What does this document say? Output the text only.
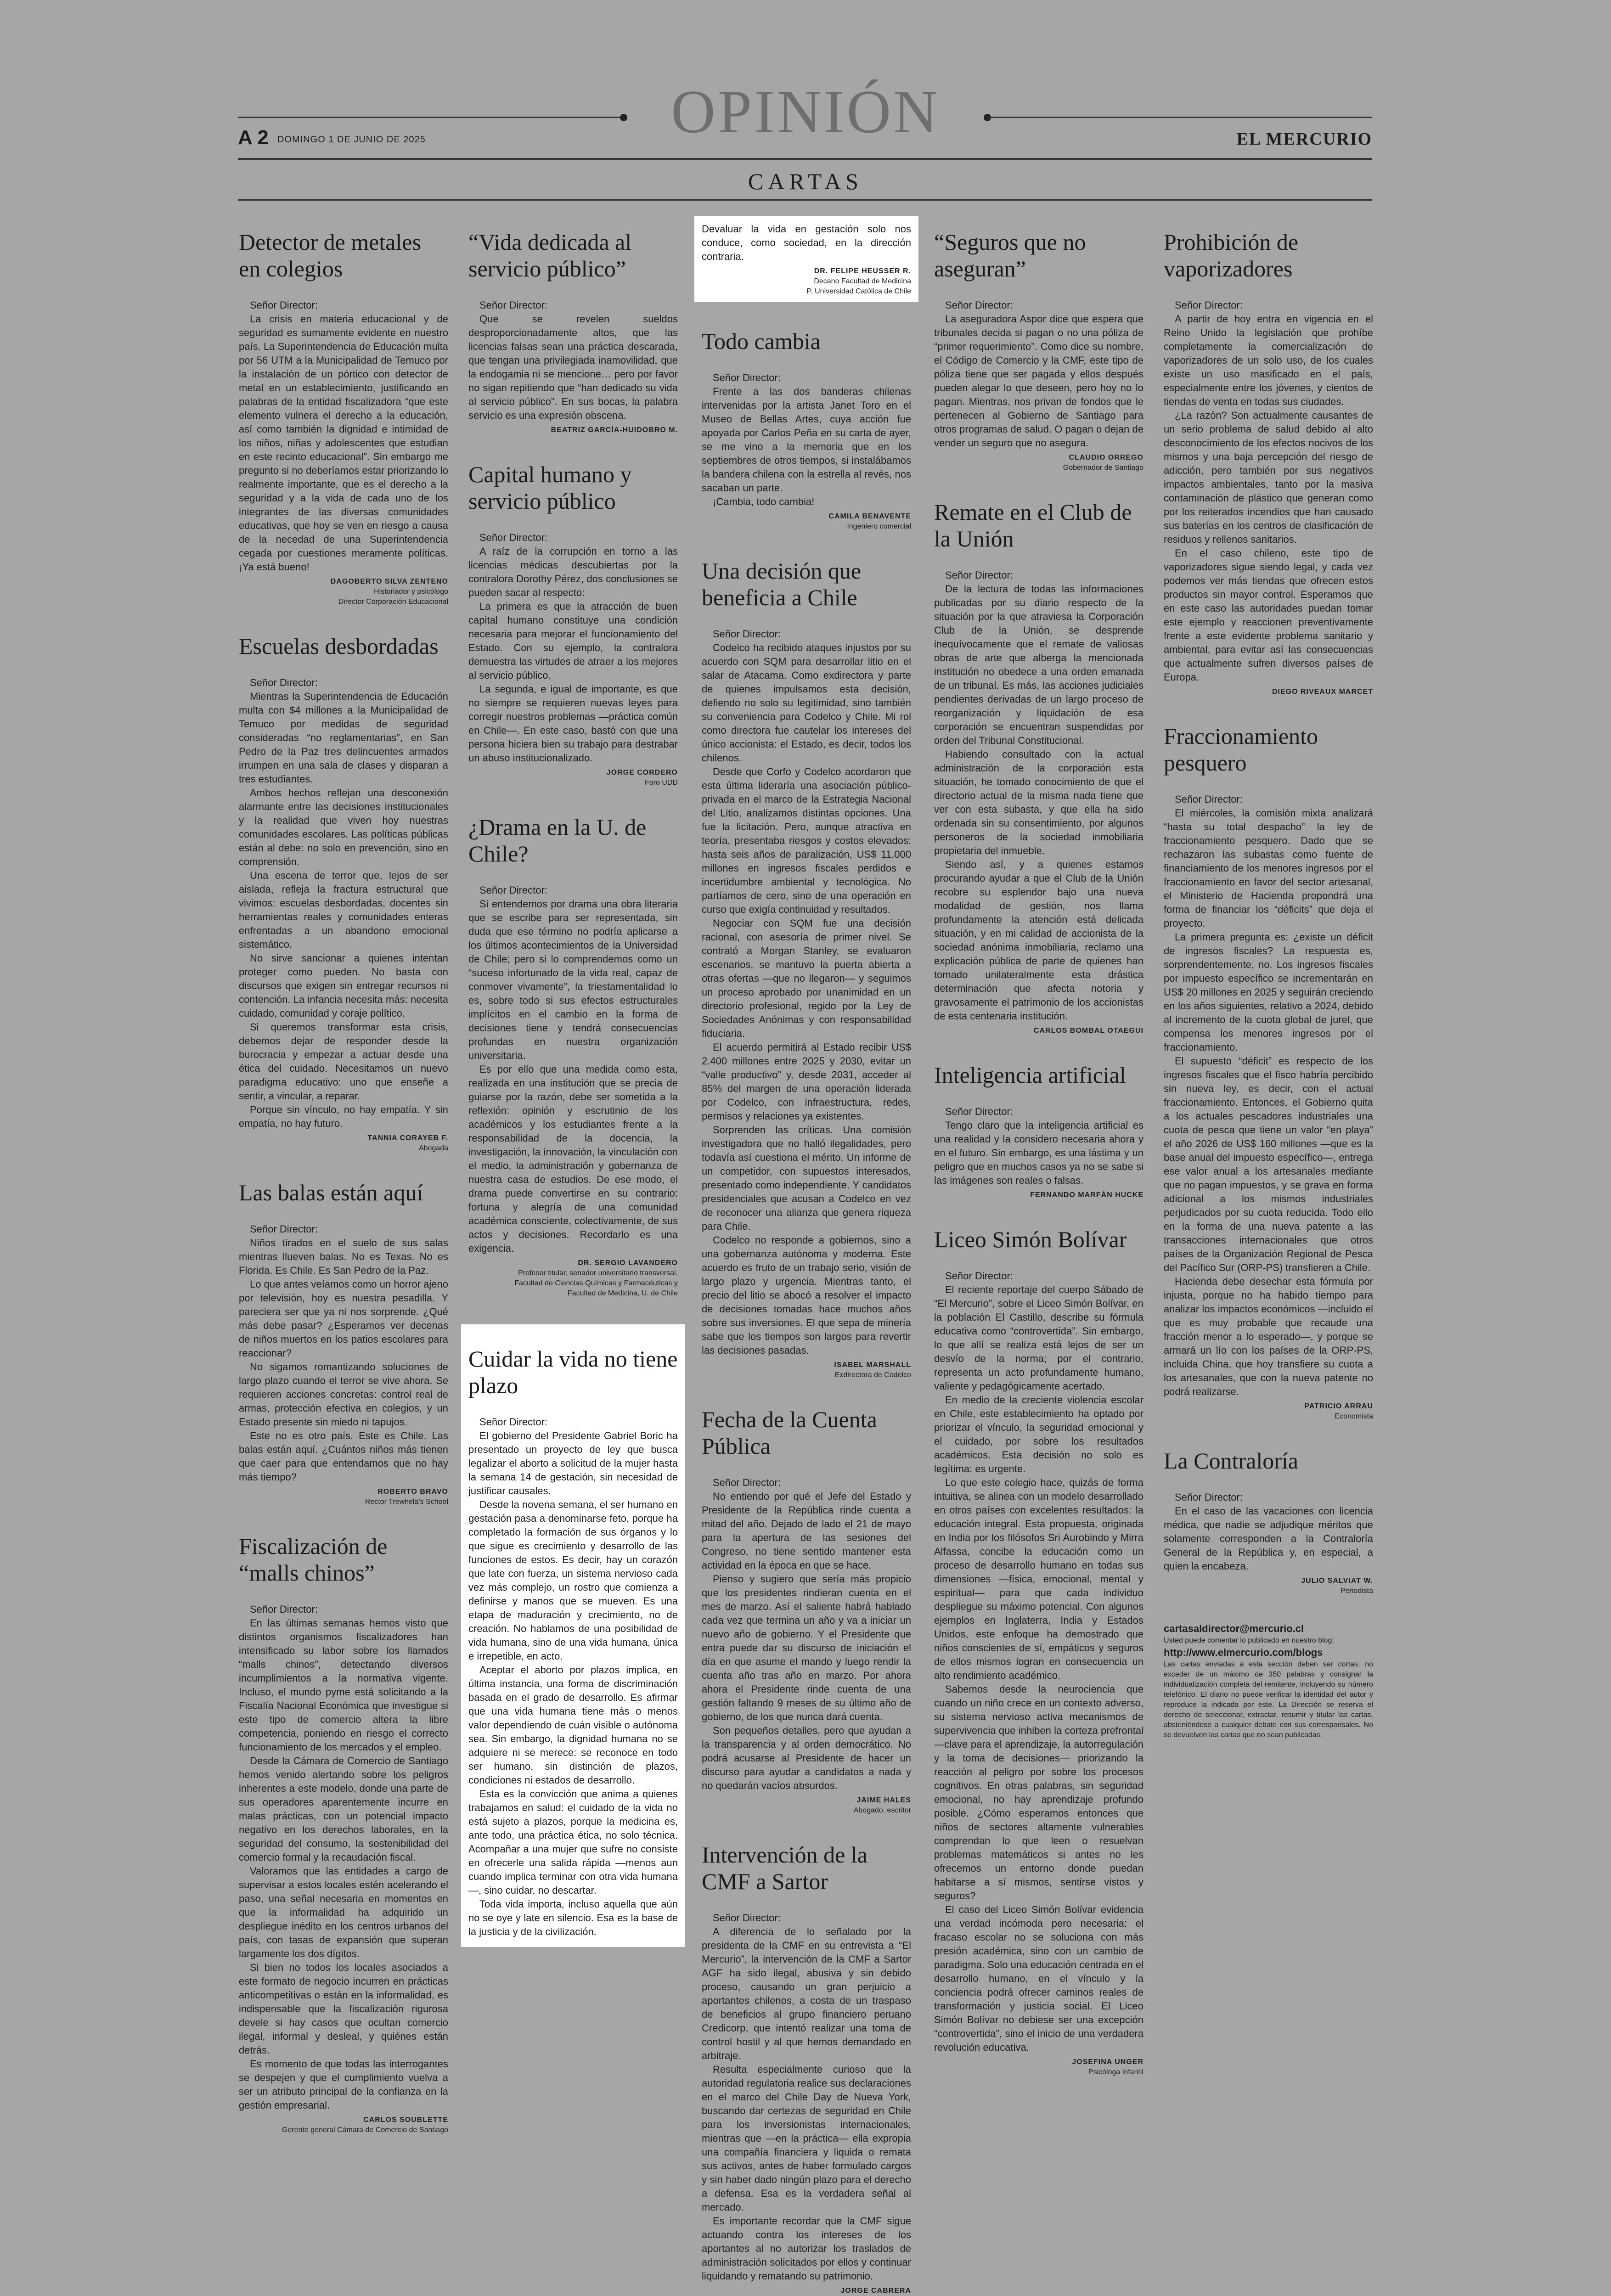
OPINIÓN
A 2 DOMINGO 1 DE JUNIO DE 2025	EL MERCURIO
CARTAS
Detector de metales en colegios

Señor Director:

La crisis en materia educacional y de seguridad es sumamente evidente en nuestro país. La Superintendencia de Educación multa por 56 UTM a la Municipalidad de Temuco por la instalación de un pórtico con detector de metal en un establecimiento, justificando en palabras de la entidad fiscalizadora “que este elemento vulnera el derecho a la educación, así como también la dignidad e intimidad de los niños, niñas y adolescentes que estudian en este recinto educacional”. Sin embargo me pregunto si no deberíamos estar priorizando lo realmente importante, que es el derecho a la seguridad y a la vida de cada uno de los integrantes de las diversas comunidades educativas, que hoy se ven en riesgo a causa de la necedad de una Superintendencia cegada por cuestiones meramente políticas. ¡Ya está bueno!

DAGOBERTO SILVA ZENTENO
Historiador y psicólogo
Director Corporación Educacional
Escuelas desbordadas

Señor Director:

Mientras la Superintendencia de Educación multa con $4 millones a la Municipalidad de Temuco por medidas de seguridad consideradas “no reglamentarias”, en San Pedro de la Paz tres delincuentes armados irrumpen en una sala de clases y disparan a tres estudiantes.

Ambos hechos reflejan una desconexión alarmante entre las decisiones institucionales y la realidad que viven hoy nuestras comunidades escolares. Las políticas públicas están al debe: no solo en prevención, sino en comprensión.

Una escena de terror que, lejos de ser aislada, refleja la fractura estructural que vivimos: escuelas desbordadas, docentes sin herramientas reales y comunidades enteras enfrentadas a un abandono emocional sistemático.

No sirve sancionar a quienes intentan proteger como pueden. No basta con discursos que exigen sin entregar recursos ni contención. La infancia necesita más: necesita cuidado, comunidad y coraje político.

Si queremos transformar esta crisis, debemos dejar de responder desde la burocracia y empezar a actuar desde una ética del cuidado. Necesitamos un nuevo paradigma educativo: uno que enseñe a sentir, a vincular, a reparar.

Porque sin vínculo, no hay empatía. Y sin empatía, no hay futuro.

TANNIA CORAYEB F.
Abogada
Las balas están aquí

Señor Director:

Niños tirados en el suelo de sus salas mientras llueven balas. No es Texas. No es Florida. Es Chile. Es San Pedro de la Paz.

Lo que antes veíamos como un horror ajeno por televisión, hoy es nuestra pesadilla. Y pareciera ser que ya ni nos sorprende. ¿Qué más debe pasar? ¿Esperamos ver decenas de niños muertos en los patios escolares para reaccionar?

No sigamos romantizando soluciones de largo plazo cuando el terror se vive ahora. Se requieren acciones concretas: control real de armas, protección efectiva en colegios, y un Estado presente sin miedo ni tapujos.

Este no es otro país. Este es Chile. Las balas están aquí. ¿Cuántos niños más tienen que caer para que entendamos que no hay más tiempo?

ROBERTO BRAVO
Rector Trewhela’s School
Fiscalización de “malls chinos”

Señor Director:

En las últimas semanas hemos visto que distintos organismos fiscalizadores han intensificado su labor sobre los llamados “malls chinos”, detectando diversos incumplimientos a la normativa vigente. Incluso, el mundo pyme está solicitando a la Fiscalía Nacional Económica que investigue si este tipo de comercio altera la libre competencia, poniendo en riesgo el correcto funcionamiento de los mercados y el empleo.

Desde la Cámara de Comercio de Santiago hemos venido alertando sobre los peligros inherentes a este modelo, donde una parte de sus operadores aparentemente incurre en malas prácticas, con un potencial impacto negativo en los derechos laborales, en la seguridad del consumo, la sostenibilidad del comercio formal y la recaudación fiscal.

Valoramos que las entidades a cargo de supervisar a estos locales estén acelerando el paso, una señal necesaria en momentos en que la informalidad ha adquirido un despliegue inédito en los centros urbanos del país, con tasas de expansión que superan largamente los dos dígitos.

Si bien no todos los locales asociados a este formato de negocio incurren en prácticas anticompetitivas o están en la informalidad, es indispensable que la fiscalización rigurosa devele si hay casos que ocultan comercio ilegal, informal y desleal, y quiénes están detrás.

Es momento de que todas las interrogantes se despejen y que el cumplimiento vuelva a ser un atributo principal de la confianza en la gestión empresarial.

CARLOS SOUBLETTE
Gerente general Cámara de Comercio de Santiago
“Vida dedicada al servicio público”

Señor Director:

Que se revelen sueldos desproporcionadamente altos, que las licencias falsas sean una práctica descarada, que tengan una privilegiada inamovilidad, que la endogamia ni se mencione… pero por favor no sigan repitiendo que “han dedicado su vida al servicio público”. En sus bocas, la palabra servicio es una expresión obscena.

BEATRIZ GARCÍA-HUIDOBRO M.
Capital humano y servicio público

Señor Director:

A raíz de la corrupción en torno a las licencias médicas descubiertas por la contralora Dorothy Pérez, dos conclusiones se pueden sacar al respecto:

La primera es que la atracción de buen capital humano constituye una condición necesaria para mejorar el funcionamiento del Estado. Con su ejemplo, la contralora demuestra las virtudes de atraer a los mejores al servicio público.

La segunda, e igual de importante, es que no siempre se requieren nuevas leyes para corregir nuestros problemas —práctica común en Chile—. En este caso, bastó con que una persona hiciera bien su trabajo para destrabar un abuso institucionalizado.

JORGE CORDERO
Foro UDD
¿Drama en la U. de Chile?

Señor Director:

Si entendemos por drama una obra literaria que se escribe para ser representada, sin duda que ese término no podría aplicarse a los últimos acontecimientos de la Universidad de Chile; pero si lo comprendemos como un “suceso infortunado de la vida real, capaz de conmover vivamente”, la triestamentalidad lo es, sobre todo si sus efectos estructurales implícitos en el cambio en la forma de decisiones tiene y tendrá consecuencias profundas en nuestra organización universitaria.

Es por ello que una medida como esta, realizada en una institución que se precia de guiarse por la razón, debe ser sometida a la reflexión: opinión y escrutinio de los académicos y los estudiantes frente a la responsabilidad de la docencia, la investigación, la innovación, la vinculación con el medio, la administración y gobernanza de nuestra casa de estudios. De ese modo, el drama puede convertirse en su contrario: fortuna y alegría de una comunidad académica consciente, colectivamente, de sus actos y decisiones. Recordarlo es una exigencia.

DR. SERGIO LAVANDERO
Profesor titular, senador universitario transversal,
Facultad de Ciencias Químicas y Farmacéuticas y
Facultad de Medicina, U. de Chile
Cuidar la vida no tiene plazo

Señor Director:

El gobierno del Presidente Gabriel Boric ha presentado un proyecto de ley que busca legalizar el aborto a solicitud de la mujer hasta la semana 14 de gestación, sin necesidad de justificar causales.

Desde la novena semana, el ser humano en gestación pasa a denominarse feto, porque ha completado la formación de sus órganos y lo que sigue es crecimiento y desarrollo de las funciones de estos. Es decir, hay un corazón que late con fuerza, un sistema nervioso cada vez más complejo, un rostro que comienza a definirse y manos que se mueven. Es una etapa de maduración y crecimiento, no de creación. No hablamos de una posibilidad de vida humana, sino de una vida humana, única e irrepetible, en acto.

Aceptar el aborto por plazos implica, en última instancia, una forma de discriminación basada en el grado de desarrollo. Es afirmar que una vida humana tiene más o menos valor dependiendo de cuán visible o autónoma sea. Sin embargo, la dignidad humana no se adquiere ni se merece: se reconoce en todo ser humano, sin distinción de plazos, condiciones ni estados de desarrollo.

Esta es la convicción que anima a quienes trabajamos en salud: el cuidado de la vida no está sujeto a plazos, porque la medicina es, ante todo, una práctica ética, no solo técnica. Acompañar a una mujer que sufre no consiste en ofrecerle una salida rápida —menos aun cuando implica terminar con otra vida humana—, sino cuidar, no descartar.

Toda vida importa, incluso aquella que aún no se oye y late en silencio. Esa es la base de la justicia y de la civilización.

Devaluar la vida en gestación solo nos conduce, como sociedad, en la dirección contraria.

DR. FELIPE HEUSSER R.
Decano Facultad de Medicina
P. Universidad Católica de Chile
Todo cambia

Señor Director:

Frente a las dos banderas chilenas intervenidas por la artista Janet Toro en el Museo de Bellas Artes, cuya acción fue apoyada por Carlos Peña en su carta de ayer, se me vino a la memoria que en los septiembres de otros tiempos, si instalábamos la bandera chilena con la estrella al revés, nos sacaban un parte.

¡Cambia, todo cambia!

CAMILA BENAVENTE
Ingeniero comercial
Una decisión que beneficia a Chile

Señor Director:

Codelco ha recibido ataques injustos por su acuerdo con SQM para desarrollar litio en el salar de Atacama. Como exdirectora y parte de quienes impulsamos esta decisión, defiendo no solo su legitimidad, sino también su conveniencia para Codelco y Chile. Mi rol como directora fue cautelar los intereses del único accionista: el Estado, es decir, todos los chilenos.

Desde que Corfo y Codelco acordaron que esta última lideraría una asociación público-privada en el marco de la Estrategia Nacional del Litio, analizamos distintas opciones. Una fue la licitación. Pero, aunque atractiva en teoría, presentaba riesgos y costos elevados: hasta seis años de paralización, US$ 11.000 millones en ingresos fiscales perdidos e incertidumbre ambiental y tecnológica. No partíamos de cero, sino de una operación en curso que exigía continuidad y resultados.

Negociar con SQM fue una decisión racional, con asesoría de primer nivel. Se contrató a Morgan Stanley, se evaluaron escenarios, se mantuvo la puerta abierta a otras ofertas —que no llegaron— y seguimos un proceso aprobado por unanimidad en un directorio profesional, regido por la Ley de Sociedades Anónimas y con responsabilidad fiduciaria.

El acuerdo permitirá al Estado recibir US$ 2.400 millones entre 2025 y 2030, evitar un “valle productivo” y, desde 2031, acceder al 85% del margen de una operación liderada por Codelco, con infraestructura, redes, permisos y relaciones ya existentes.

Sorprenden las críticas. Una comisión investigadora que no halló ilegalidades, pero todavía así cuestiona el mérito. Un informe de un competidor, con supuestos interesados, presentado como independiente. Y candidatos presidenciales que acusan a Codelco en vez de reconocer una alianza que genera riqueza para Chile.

Codelco no responde a gobiernos, sino a una gobernanza autónoma y moderna. Este acuerdo es fruto de un trabajo serio, visión de largo plazo y urgencia. Mientras tanto, el precio del litio se abocó a resolver el impacto de decisiones tomadas hace muchos años sobre sus inversiones. El que sepa de minería sabe que los tiempos son largos para revertir las decisiones pasadas.

ISABEL MARSHALL
Exdirectora de Codelco
Fecha de la Cuenta Pública

Señor Director:

No entiendo por qué el Jefe del Estado y Presidente de la República rinde cuenta a mitad del año. Dejado de lado el 21 de mayo para la apertura de las sesiones del Congreso, no tiene sentido mantener esta actividad en la época en que se hace.

Pienso y sugiero que sería más propicio que los presidentes rindieran cuenta en el mes de marzo. Así el saliente habrá hablado cada vez que termina un año y va a iniciar un nuevo año de gobierno. Y el Presidente que entra puede dar su discurso de iniciación el día en que asume el mando y luego rendir la cuenta año tras año en marzo. Por ahora ahora el Presidente rinde cuenta de una gestión faltando 9 meses de su último año de gobierno, de los que nunca dará cuenta.

Son pequeños detalles, pero que ayudan a la transparencia y al orden democrático. No podrá acusarse al Presidente de hacer un discurso para ayudar a candidatos a nada y no quedarán vacíos absurdos.

JAIME HALES
Abogado, escritor
Intervención de la CMF a Sartor

Señor Director:

A diferencia de lo señalado por la presidenta de la CMF en su entrevista a “El Mercurio”, la intervención de la CMF a Sartor AGF ha sido ilegal, abusiva y sin debido proceso, causando un gran perjuicio a aportantes chilenos, a costa de un traspaso de beneficios al grupo financiero peruano Credicorp, que intentó realizar una toma de control hostil y al que hemos demandado en arbitraje.

Resulta especialmente curioso que la autoridad regulatoria realice sus declaraciones en el marco del Chile Day de Nueva York, buscando dar certezas de seguridad en Chile para los inversionistas internacionales, mientras que —en la práctica— ella expropia una compañía financiera y liquida o remata sus activos, antes de haber formulado cargos y sin haber dado ningún plazo para el derecho a defensa. Esa es la verdadera señal al mercado.

Es importante recordar que la CMF sigue actuando contra los intereses de los aportantes al no autorizar los traslados de administración solicitados por ellos y continuar liquidando y rematando su patrimonio.

JORGE CABRERA
“Seguros que no aseguran”

Señor Director:

La aseguradora Aspor dice que espera que tribunales decida si pagan o no una póliza de “primer requerimiento”. Como dice su nombre, el Código de Comercio y la CMF, este tipo de póliza tiene que ser pagada y ellos después pueden alegar lo que deseen, pero hoy no lo pagan. Mientras, nos privan de fondos que le pertenecen al Gobierno de Santiago para otros programas de salud. O pagan o dejan de vender un seguro que no asegura.

CLAUDIO ORREGO
Gobernador de Santiago
Remate en el Club de la Unión

Señor Director:

De la lectura de todas las informaciones publicadas por su diario respecto de la situación por la que atraviesa la Corporación Club de la Unión, se desprende inequívocamente que el remate de valiosas obras de arte que alberga la mencionada institución no obedece a una orden emanada de un tribunal. Es más, las acciones judiciales pendientes derivadas de un largo proceso de reorganización y liquidación de esa corporación se encuentran suspendidas por orden del Tribunal Constitucional.

Habiendo consultado con la actual administración de la corporación esta situación, he tomado conocimiento de que el directorio actual de la misma nada tiene que ver con esta subasta, y que ella ha sido ordenada sin su consentimiento, por algunos personeros de la sociedad inmobiliaria propietaria del inmueble.

Siendo así, y a quienes estamos procurando ayudar a que el Club de la Unión recobre su esplendor bajo una nueva modalidad de gestión, nos llama profundamente la atención está delicada situación, y en mi calidad de accionista de la sociedad anónima inmobiliaria, reclamo una explicación pública de parte de quienes han tomado unilateralmente esta drástica determinación que afecta notoria y gravosamente el patrimonio de los accionistas de esta centenaria institución.

CARLOS BOMBAL OTAEGUI
Inteligencia artificial

Señor Director:

Tengo claro que la inteligencia artificial es una realidad y la considero necesaria ahora y en el futuro. Sin embargo, es una lástima y un peligro que en muchos casos ya no se sabe si las imágenes son reales o falsas.

FERNANDO MARFÁN HUCKE
Liceo Simón Bolívar

Señor Director:

El reciente reportaje del cuerpo Sábado de “El Mercurio”, sobre el Liceo Simón Bolívar, en la población El Castillo, describe su fórmula educativa como “controvertida”. Sin embargo, lo que allí se realiza está lejos de ser un desvío de la norma; por el contrario, representa un acto profundamente humano, valiente y pedagógicamente acertado.

En medio de la creciente violencia escolar en Chile, este establecimiento ha optado por priorizar el vínculo, la seguridad emocional y el cuidado, por sobre los resultados académicos. Esta decisión no solo es legítima: es urgente.

Lo que este colegio hace, quizás de forma intuitiva, se alinea con un modelo desarrollado en otros países con excelentes resultados: la educación integral. Esta propuesta, originada en India por los filósofos Sri Aurobindo y Mirra Alfassa, concibe la educación como un proceso de desarrollo humano en todas sus dimensiones —física, emocional, mental y espiritual— para que cada individuo despliegue su máximo potencial. Con algunos ejemplos en Inglaterra, India y Estados Unidos, este enfoque ha demostrado que niños conscientes de sí, empáticos y seguros de ellos mismos logran en consecuencia un alto rendimiento académico.

Sabemos desde la neurociencia que cuando un niño crece en un contexto adverso, su sistema nervioso activa mecanismos de supervivencia que inhiben la corteza prefrontal —clave para el aprendizaje, la autorregulación y la toma de decisiones— priorizando la reacción al peligro por sobre los procesos cognitivos. En otras palabras, sin seguridad emocional, no hay aprendizaje profundo posible. ¿Cómo esperamos entonces que niños de sectores altamente vulnerables comprendan lo que leen o resuelvan problemas matemáticos si antes no les ofrecemos un entorno donde puedan habitarse a sí mismos, sentirse vistos y seguros?

El caso del Liceo Simón Bolívar evidencia una verdad incómoda pero necesaria: el fracaso escolar no se soluciona con más presión académica, sino con un cambio de paradigma. Solo una educación centrada en el desarrollo humano, en el vínculo y la conciencia podrá ofrecer caminos reales de transformación y justicia social. El Liceo Simón Bolívar no debiese ser una excepción “controvertida”, sino el inicio de una verdadera revolución educativa.

JOSEFINA UNGER
Psicóloga infantil
Prohibición de vaporizadores

Señor Director:

A partir de hoy entra en vigencia en el Reino Unido la legislación que prohíbe completamente la comercialización de vaporizadores de un solo uso, de los cuales existe un uso masificado en el país, especialmente entre los jóvenes, y cientos de tiendas de venta en todas sus ciudades.

¿La razón? Son actualmente causantes de un serio problema de salud debido al alto desconocimiento de los efectos nocivos de los mismos y una baja percepción del riesgo de adicción, pero también por sus negativos impactos ambientales, tanto por la masiva contaminación de plástico que generan como por los reiterados incendios que han causado sus baterías en los centros de clasificación de residuos y rellenos sanitarios.

En el caso chileno, este tipo de vaporizadores sigue siendo legal, y cada vez podemos ver más tiendas que ofrecen estos productos sin mayor control. Esperamos que en este caso las autoridades puedan tomar este ejemplo y reaccionen preventivamente frente a este evidente problema sanitario y ambiental, para evitar así las consecuencias que actualmente sufren diversos países de Europa.

DIEGO RIVEAUX MARCET
Fraccionamiento pesquero

Señor Director:

El miércoles, la comisión mixta analizará “hasta su total despacho” la ley de fraccionamiento pesquero. Dado que se rechazaron las subastas como fuente de financiamiento de los menores ingresos por el fraccionamiento en favor del sector artesanal, el Ministerio de Hacienda propondrá una forma de financiar los “déficits” que deja el proyecto.

La primera pregunta es: ¿existe un déficit de ingresos fiscales? La respuesta es, sorprendentemente, no. Los ingresos fiscales por impuesto específico se incrementarán en US$ 20 millones en 2025 y seguirán creciendo en los años siguientes, relativo a 2024, debido al incremento de la cuota global de jurel, que compensa los menores ingresos por el fraccionamiento.

El supuesto “déficit” es respecto de los ingresos fiscales que el fisco habría percibido sin nueva ley, es decir, con el actual fraccionamiento. Entonces, el Gobierno quita a los actuales pescadores industriales una cuota de pesca que tiene un valor “en playa” el año 2026 de US$ 160 millones —que es la base anual del impuesto específico—, entrega ese valor anual a los artesanales mediante que no pagan impuestos, y se grava en forma adicional a los mismos industriales perjudicados por su cuota reducida. Todo ello en la forma de una nueva patente a las transacciones internacionales que otros países de la Organización Regional de Pesca del Pacífico Sur (ORP-PS) transfieren a Chile.

Hacienda debe desechar esta fórmula por injusta, porque no ha habido tiempo para analizar los impactos económicos —incluido el que es muy probable que recaude una fracción menor a lo esperado—, y porque se armará un lío con los países de la ORP-PS, incluida China, que hoy transfiere su cuota a los artesanales, que con la nueva patente no podrá realizarse.

PATRICIO ARRAU
Economista
La Contraloría

Señor Director:

En el caso de las vacaciones con licencia médica, que nadie se adjudique méritos que solamente corresponden a la Contraloría General de la República y, en especial, a quien la encabeza.

JULIO SALVIAT W.
Periodista
cartasaldirector@mercurio.cl
Usted puede comentar lo publicado en nuestro blog:
http://www.elmercurio.com/blogs
Las cartas enviadas a esta sección deben ser cortas, no exceder de un máximo de 350 palabras y consignar la individualización completa del remitente, incluyendo su número telefónico. El diario no puede verificar la identidad del autor y reproduce la indicada por este. La Dirección se reserva el derecho de seleccionar, extractar, resumir y titular las cartas, absteniéndose a cualquier debate con sus corresponsales. No se devuelven las cartas que no sean publicadas.
